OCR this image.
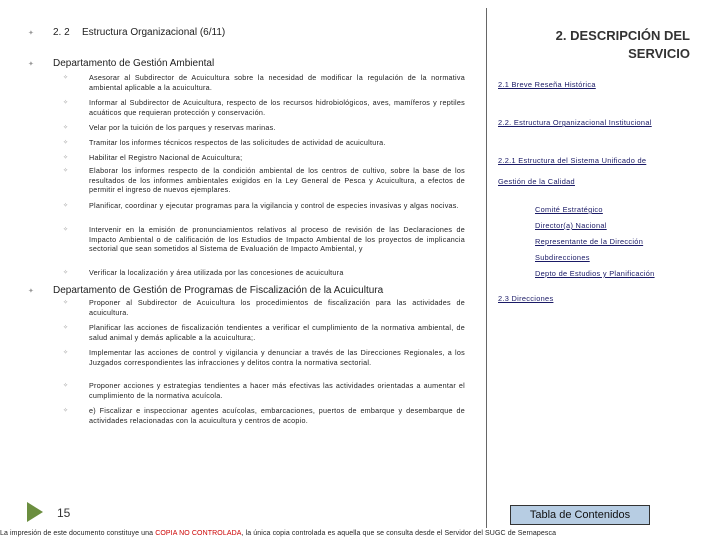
✦ 2. 2 Estructura Organizacional (6/11)
✦ Departamento de Gestión Ambiental
✧	Asesorar al Subdirector de Acuicultura sobre la necesidad de modificar la regulación de la normativa ambiental aplicable a la acuicultura.
✧	Informar al Subdirector de Acuicultura, respecto de los recursos hidrobiológicos, aves, mamíferos y reptiles acuáticos que requieran protección y conservación.
✧	Velar por la tuición de los parques y reservas marinas.
✧	Tramitar los informes técnicos respectos de las solicitudes de actividad de acuicultura.
✧	Habilitar el Registro Nacional de Acuicultura;
✧	Elaborar los informes respecto de la condición ambiental de los centros de cultivo, sobre la base de los resultados de los informes ambientales exigidos en la Ley General de Pesca y Acuicultura, a efectos de permitir el ingreso de nuevos ejemplares.
✧	Planificar, coordinar y ejecutar programas para la vigilancia y control de especies invasivas y algas nocivas.
✧	Intervenir en la emisión de pronunciamientos relativos al proceso de revisión de las Declaraciones de Impacto Ambiental o de calificación de los Estudios de Impacto Ambiental de los proyectos de implicancia sectorial que sean sometidos al Sistema de Evaluación de Impacto Ambiental, y
✧	Verificar la localización y área utilizada por las concesiones de acuicultura
✦ Departamento de Gestión de Programas de Fiscalización de la Acuicultura
✧	Proponer al Subdirector de Acuicultura los procedimientos de fiscalización para las actividades de acuicultura.
✧	Planificar las acciones de fiscalización tendientes a verificar el cumplimiento de la normativa ambiental, de salud animal y demás aplicable a la acuicultura;.
✧	Implementar las acciones de control y vigilancia y denunciar a través de las Direcciones Regionales, a los Juzgados correspondientes las infracciones y delitos contra la normativa sectorial.
✧	Proponer acciones y estrategias tendientes a hacer más efectivas las actividades orientadas a aumentar el cumplimiento de la normativa acuícola.
✧	e) Fiscalizar e inspeccionar agentes acuícolas, embarcaciones, puertos de embarque y desembarque de actividades relacionadas con la acuicultura y centros de acopio.
2. DESCRIPCIÓN DEL
SERVICIO
2.1 Breve Reseña Histórica
2.2. Estructura Organizacional Institucional
2.2.1 Estructura del Sistema Unificado de
Gestión de la Calidad
Comité Estratégico
Director(a) Nacional
Representante de la Dirección
Subdirecciones
Depto de Estudios y Planificación
2.3 Direcciones
15	Tabla de Contenidos
La impresión de este documento constituye una COPIA NO CONTROLADA, la única copia controlada es aquella que se consulta desde el Servidor del SUGC de Sernapesca
